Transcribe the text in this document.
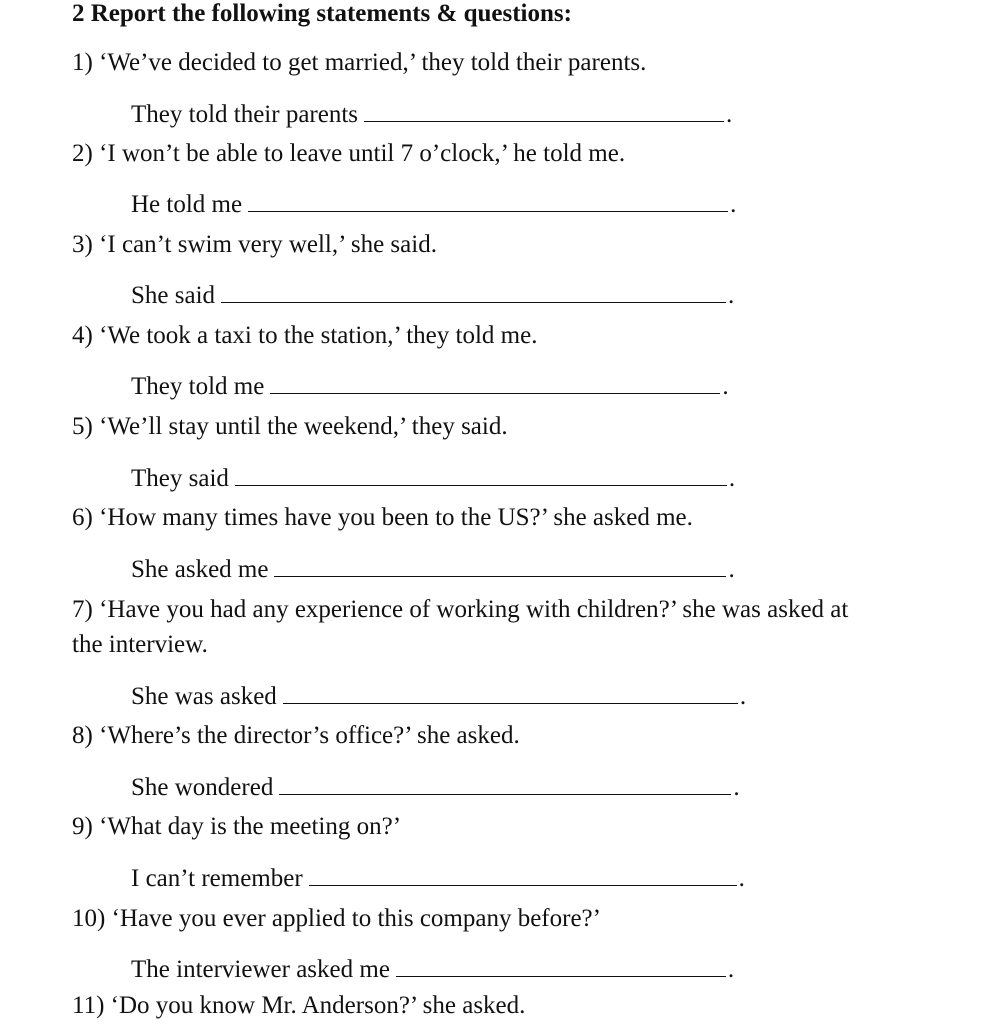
2 Report the following statements & questions:
1) ‘We’ve decided to get married,’ they told their parents.
They told their parents	.
2) ‘I won’t be able to leave until 7 o’clock,’ he told me.
He told me	.
3) ‘I can’t swim very well,’ she said.
She said	.
4) ‘We took a taxi to the station,’ they told me.
They told me	.
5) ‘We’ll stay until the weekend,’ they said.
They said	.
6) ‘How many times have you been to the US?’ she asked me.
She asked me	.
7) ‘Have you had any experience of working with children?’ she was asked at
the interview.
She was asked	.
8) ‘Where’s the director’s office?’ she asked.
She wondered	.
9) ‘What day is the meeting on?’
I can’t remember	.
10) ‘Have you ever applied to this company before?’
The interviewer asked me	.
11) ‘Do you know Mr. Anderson?’ she asked.
